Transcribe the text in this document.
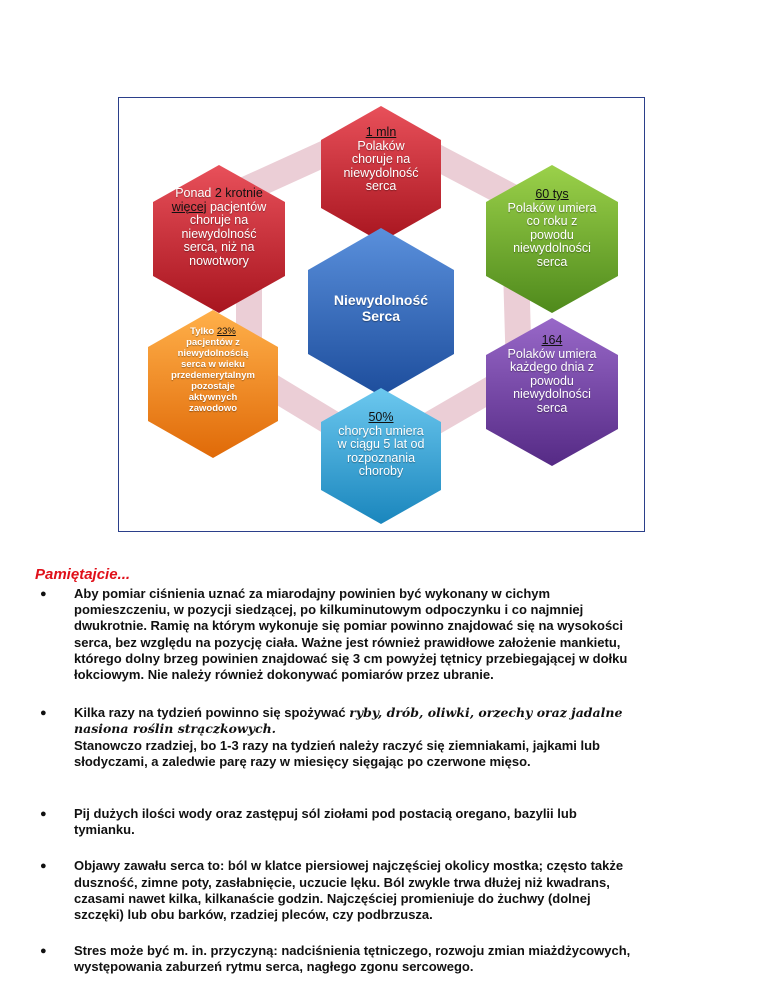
1 mln
Polaków
choruje na
niewydolność
serca
Ponad 2 krotnie
więcej pacjentów
choruje na
niewydolność
serca, niż na
nowotwory
60 tys
Polaków umiera
co roku z
powodu
niewydolności
serca
Niewydolność
Serca
Tylko 23%
pacjentów z
niewydolnością
serca w wieku
przedemerytalnym
pozostaje
aktywnych
zawodowo
164
Polaków umiera
każdego dnia z
powodu
niewydolności
serca
50%
chorych umiera
w ciągu 5 lat od
rozpoznania
choroby
Pamiętajcie...
● Aby pomiar ciśnienia uznać za miarodajny powinien być wykonany w cichym
pomieszczeniu, w pozycji siedzącej, po kilkuminutowym odpoczynku i co najmniej
dwukrotnie. Ramię na którym wykonuje się pomiar powinno znajdować się na wysokości
serca, bez względu na pozycję ciała. Ważne jest również prawidłowe założenie mankietu,
którego dolny brzeg powinien znajdować się 3 cm powyżej tętnicy przebiegającej w dołku
łokciowym. Nie należy również dokonywać pomiarów przez ubranie.
● Kilka razy na tydzień powinno się spożywać ryby, drób, oliwki, orzechy oraz jadalne
nasiona roślin strączkowych.
Stanowczo rzadziej, bo 1-3 razy na tydzień należy raczyć się ziemniakami, jajkami lub
słodyczami, a zaledwie parę razy w miesięcy sięgając po czerwone mięso.
● Pij dużych ilości wody oraz zastępuj sól ziołami pod postacią oregano, bazylii lub
tymianku.
● Objawy zawału serca to: ból w klatce piersiowej najczęściej okolicy mostka; często także
duszność, zimne poty, zasłabnięcie, uczucie lęku. Ból zwykle trwa dłużej niż kwadrans,
czasami nawet kilka, kilkanaście godzin. Najczęściej promieniuje do żuchwy (dolnej
szczęki) lub obu barków, rzadziej pleców, czy podbrzusza.
● Stres może być m. in. przyczyną: nadciśnienia tętniczego, rozwoju zmian miażdżycowych,
występowania zaburzeń rytmu serca, nagłego zgonu sercowego.
